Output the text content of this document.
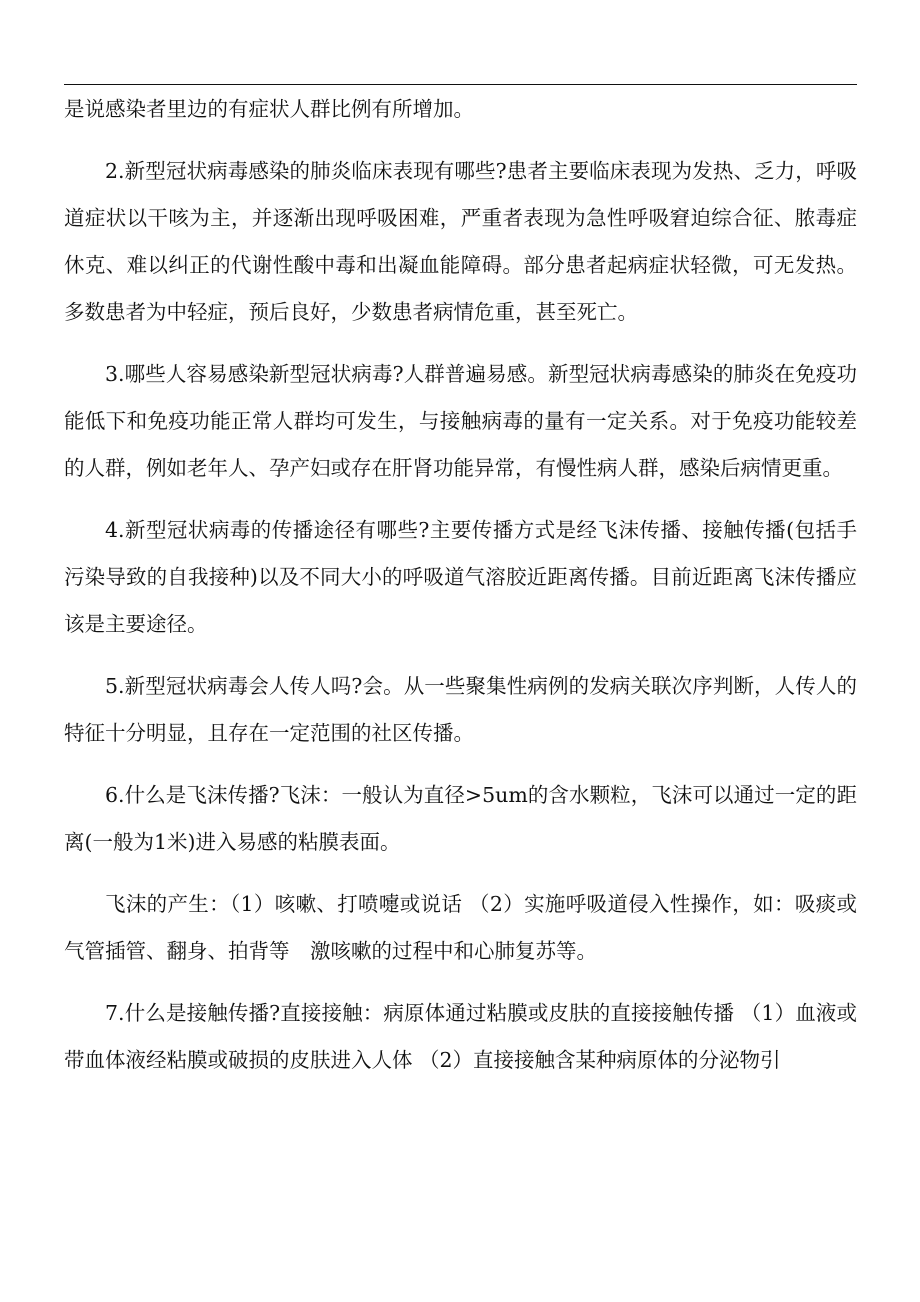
是说感染者里边的有症状人群比例有所增加。

2.新型冠状病毒感染的肺炎临床表现有哪些?患者主要临床表现为发热、乏力，呼吸道症状以干咳为主，并逐渐出现呼吸困难，严重者表现为急性呼吸窘迫综合征、脓毒症休克、难以纠正的代谢性酸中毒和出凝血能障碍。部分患者起病症状轻微，可无发热。多数患者为中轻症，预后良好，少数患者病情危重，甚至死亡。

3.哪些人容易感染新型冠状病毒?人群普遍易感。新型冠状病毒感染的肺炎在免疫功能低下和免疫功能正常人群均可发生，与接触病毒的量有一定关系。对于免疫功能较差的人群，例如老年人、孕产妇或存在肝肾功能异常，有慢性病人群，感染后病情更重。

4.新型冠状病毒的传播途径有哪些?主要传播方式是经飞沫传播、接触传播(包括手污染导致的自我接种)以及不同大小的呼吸道气溶胶近距离传播。目前近距离飞沫传播应该是主要途径。

5.新型冠状病毒会人传人吗?会。从一些聚集性病例的发病关联次序判断，人传人的特征十分明显，且存在一定范围的社区传播。

6.什么是飞沫传播?飞沫：一般认为直径>5um的含水颗粒，飞沫可以通过一定的距离(一般为1米)进入易感的粘膜表面。

飞沫的产生：（1）咳嗽、打喷嚏或说话 （2）实施呼吸道侵入性操作，如：吸痰或气管插管、翻身、拍背等　激咳嗽的过程中和心肺复苏等。

7.什么是接触传播?直接接触：病原体通过粘膜或皮肤的直接接触传播 （1）血液或带血体液经粘膜或破损的皮肤进入人体 （2）直接接触含某种病原体的分泌物引
